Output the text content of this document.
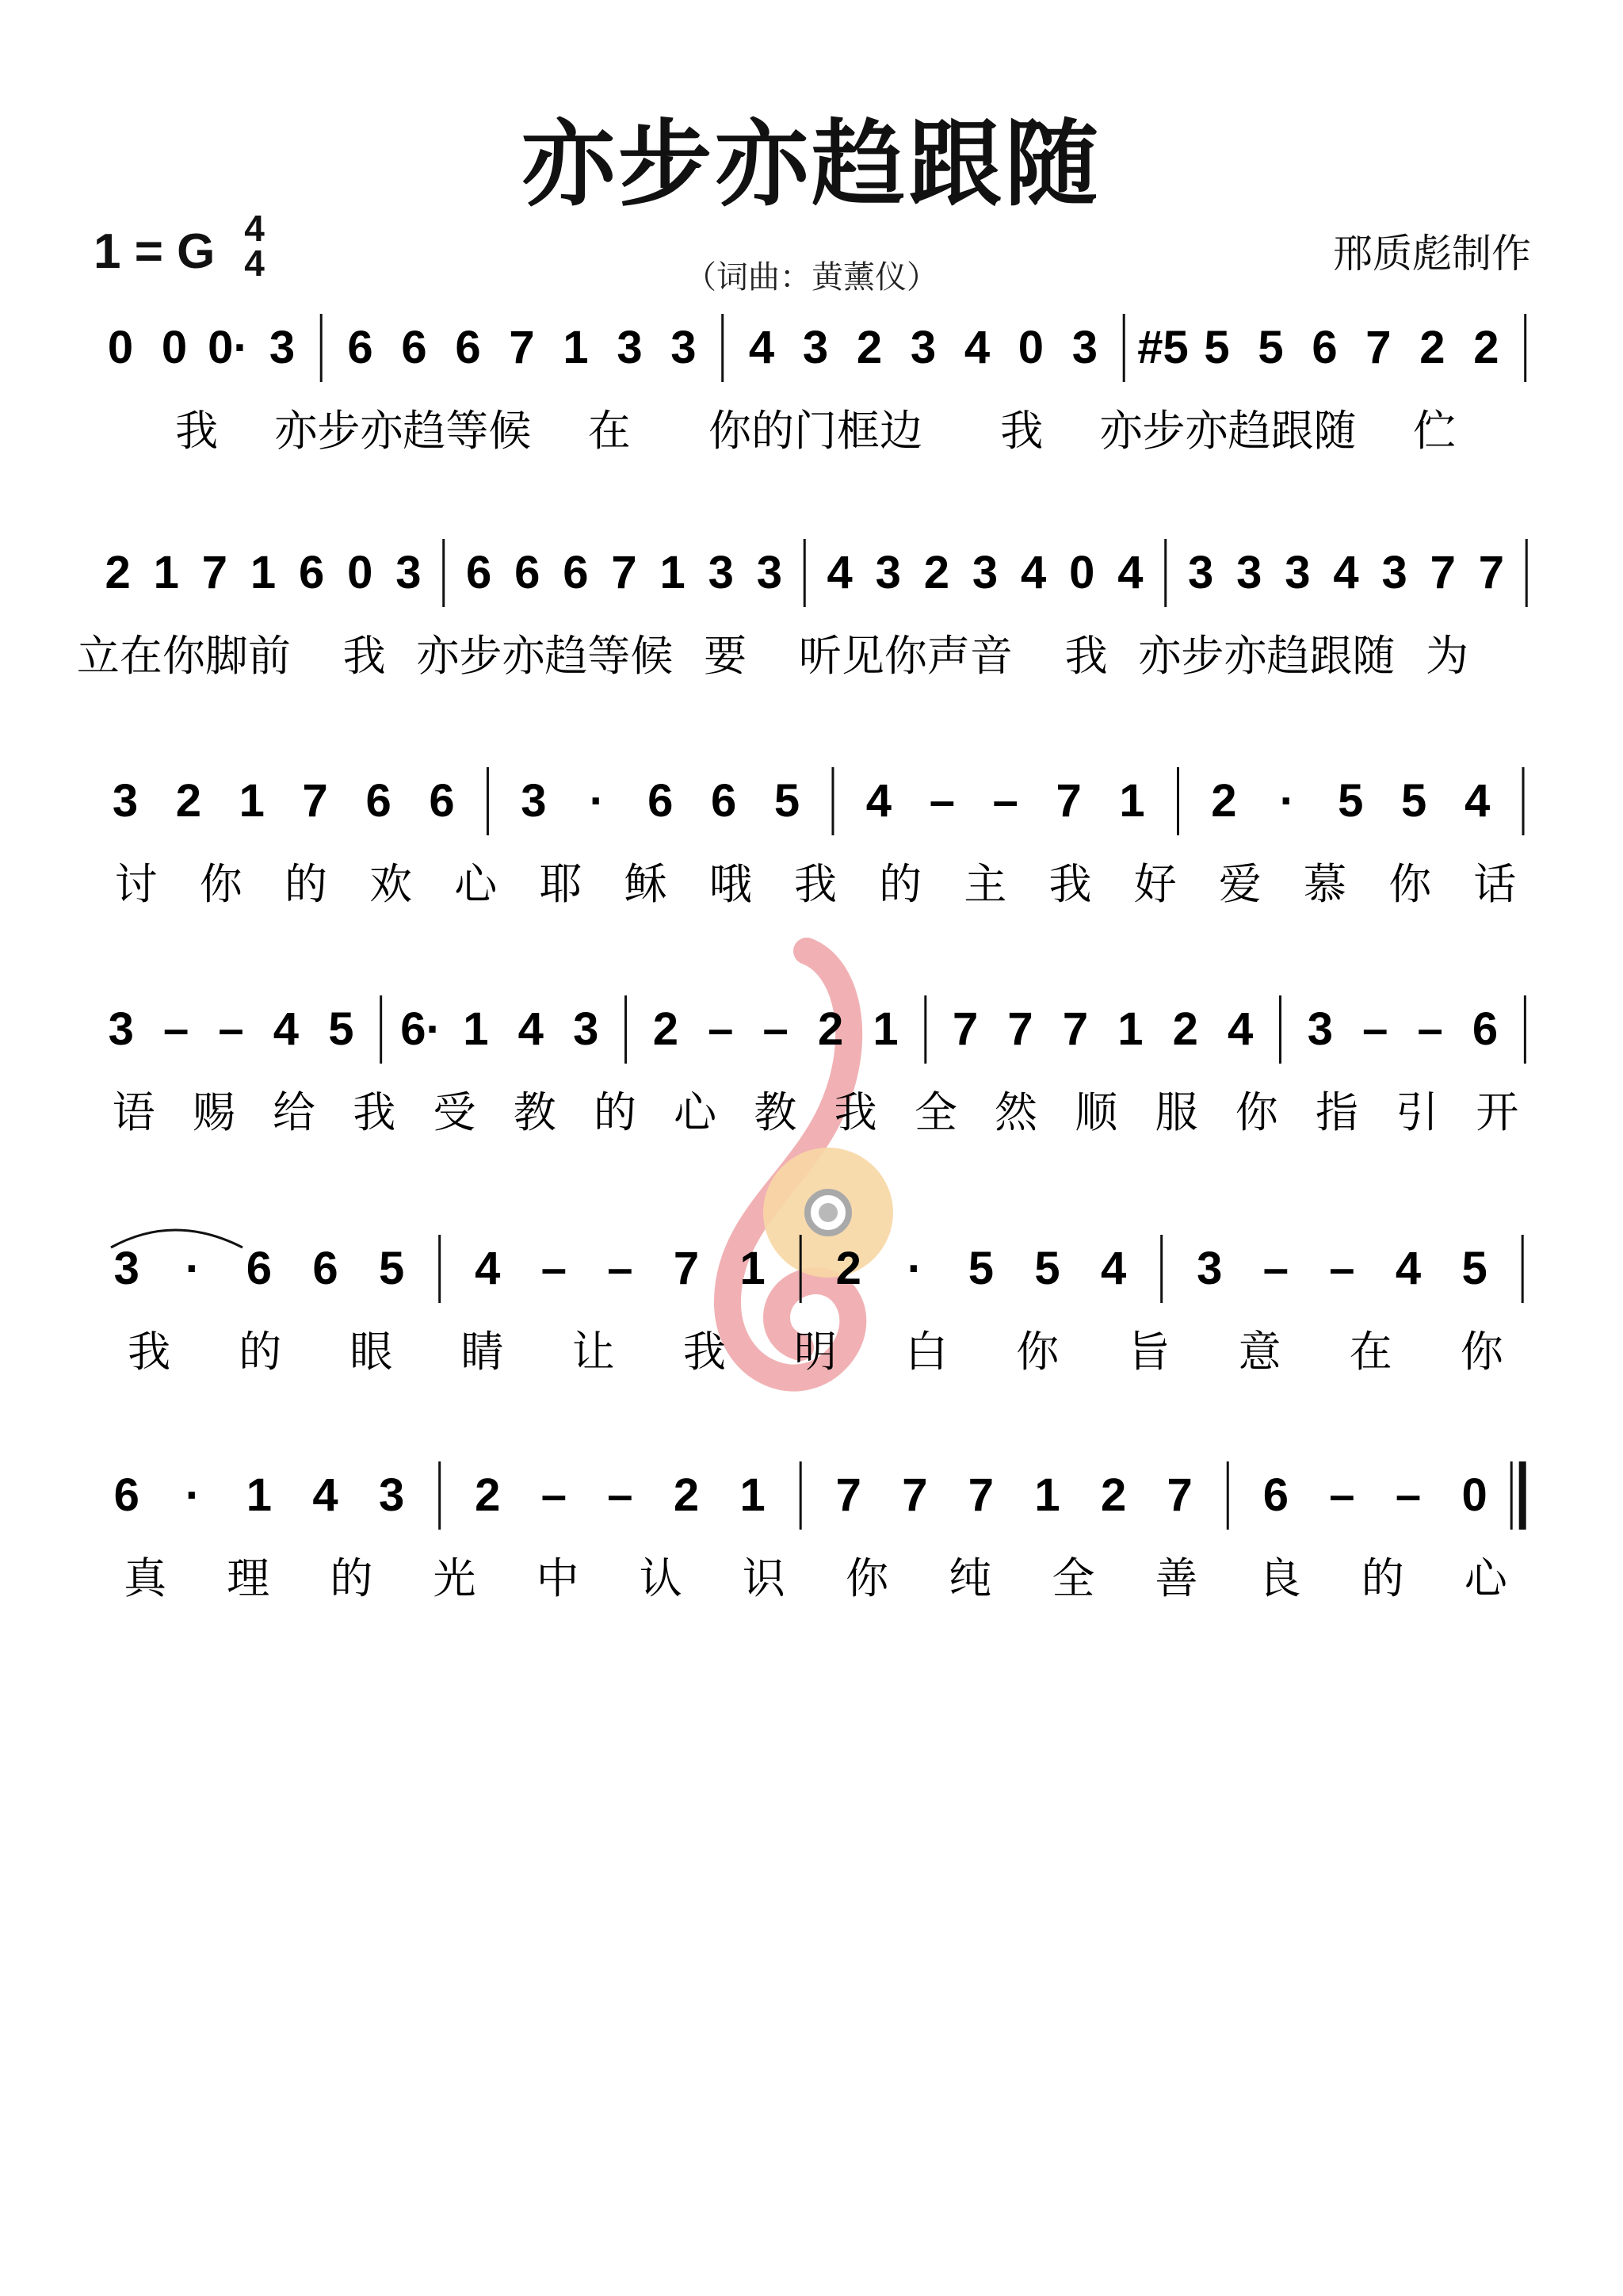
亦步亦趋跟随
1 = G 4
4	邢质彪制作
（词曲：黄薰仪）
0 0 0· 3 6 6 6 7 1 3 3 4 3 2 3 4 0 3 #5 5 5 6 7 2 2
我 亦步亦趋等候 在 你的门框边 我 亦步亦趋跟随 伫
2 1 7 1 6 0 3 6 6 6 7 1 3 3 4 3 2 3 4 0 4 3 3 3 4 3 7 7
立在你脚前 我 亦步亦趋等候 要 听见你声音 我 亦步亦趋跟随 为
3 2 1 7 6 6 3 · 6 6 5 4 – – 7 1 2 · 5 5 4
讨 你 的 欢 心 耶 稣 哦 我 的 主 我 好 爱 慕 你 话
3 – – 4 5 6· 1 4 3 2 – – 2 1 7 7 7 1 2 4 3 – – 6
语 赐 给 我 受 教 的 心 教 我 全 然 顺 服 你 指 引 开
3 · 6 6 5 4 – – 7 1 2 · 5 5 4 3 – – 4 5
我 的 眼 睛 让 我 明 白 你 旨 意 在 你
6 · 1 4 3 2 – – 2 1 7 7 7 1 2 7 6 – – 0
真 理 的 光 中 认 识 你 纯 全 善 良 的 心
